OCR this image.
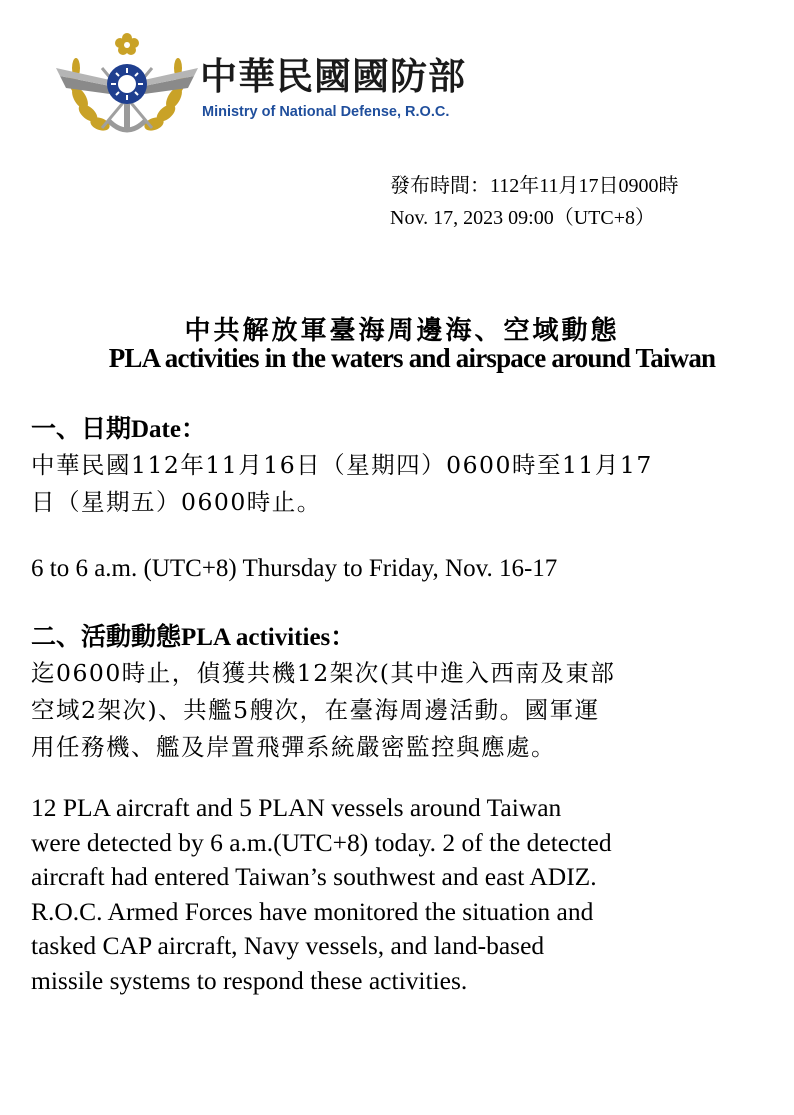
中華民國國防部
Ministry of National Defense, R.O.C.
發布時間：112年11月17日0900時
Nov. 17, 2023 09:00（UTC+8）
中共解放軍臺海周邊海、空域動態
PLA activities in the waters and airspace around Taiwan
一、日期Date：
中華民國112年11月16日（星期四）0600時至11月17
日（星期五）0600時止。
6 to 6 a.m. (UTC+8) Thursday to Friday, Nov. 16-17
二、活動動態PLA activities：
迄0600時止，偵獲共機12架次(其中進入西南及東部
空域2架次)、共艦5艘次，在臺海周邊活動。國軍運
用任務機、艦及岸置飛彈系統嚴密監控與應處。
12 PLA aircraft and 5 PLAN vessels around Taiwan
were detected by 6 a.m.(UTC+8) today. 2 of the detected
aircraft had entered Taiwan’s southwest and east ADIZ.
R.O.C. Armed Forces have monitored the situation and
tasked CAP aircraft, Navy vessels, and land-based
missile systems to respond these activities.
